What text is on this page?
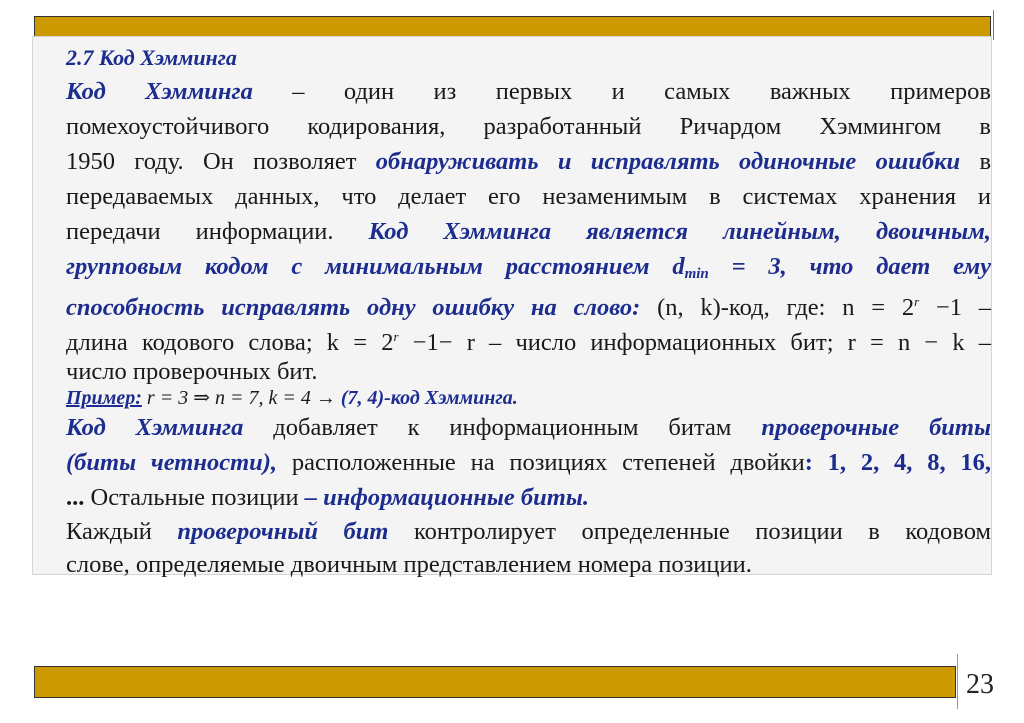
2.7 Код Хэмминга

Код Хэмминга – один из первых и самых важных примеров

помехоустойчивого кодирования, разработанный Ричардом Хэммингом в

1950 году. Он позволяет обнаруживать и исправлять одиночные ошибки в

передаваемых данных, что делает его незаменимым в системах хранения и

передачи информации. Код Хэмминга является линейным, двоичным,

групповым кодом с минимальным расстоянием $d_{min} = 3$, что дает ему

способность исправлять одну ошибку на слово: (n, k)-код, где: $n = 2^r -1$ –

длина кодового слова; $k = 2^r -1- r$ – число информационных бит; r = n − k –

число проверочных бит.

Пример: r = 3 ⇒ n = 7, k = 4 → (7, 4)-код Хэмминга.

Код Хэмминга добавляет к информационным битам проверочные биты

(биты четности), расположенные на позициях степеней двойки: 1, 2, 4, 8, 16,

... Остальные позиции – информационные биты.

Каждый проверочный бит контролирует определенные позиции в кодовом

слове, определяемые двоичным представлением номера позиции.

23
